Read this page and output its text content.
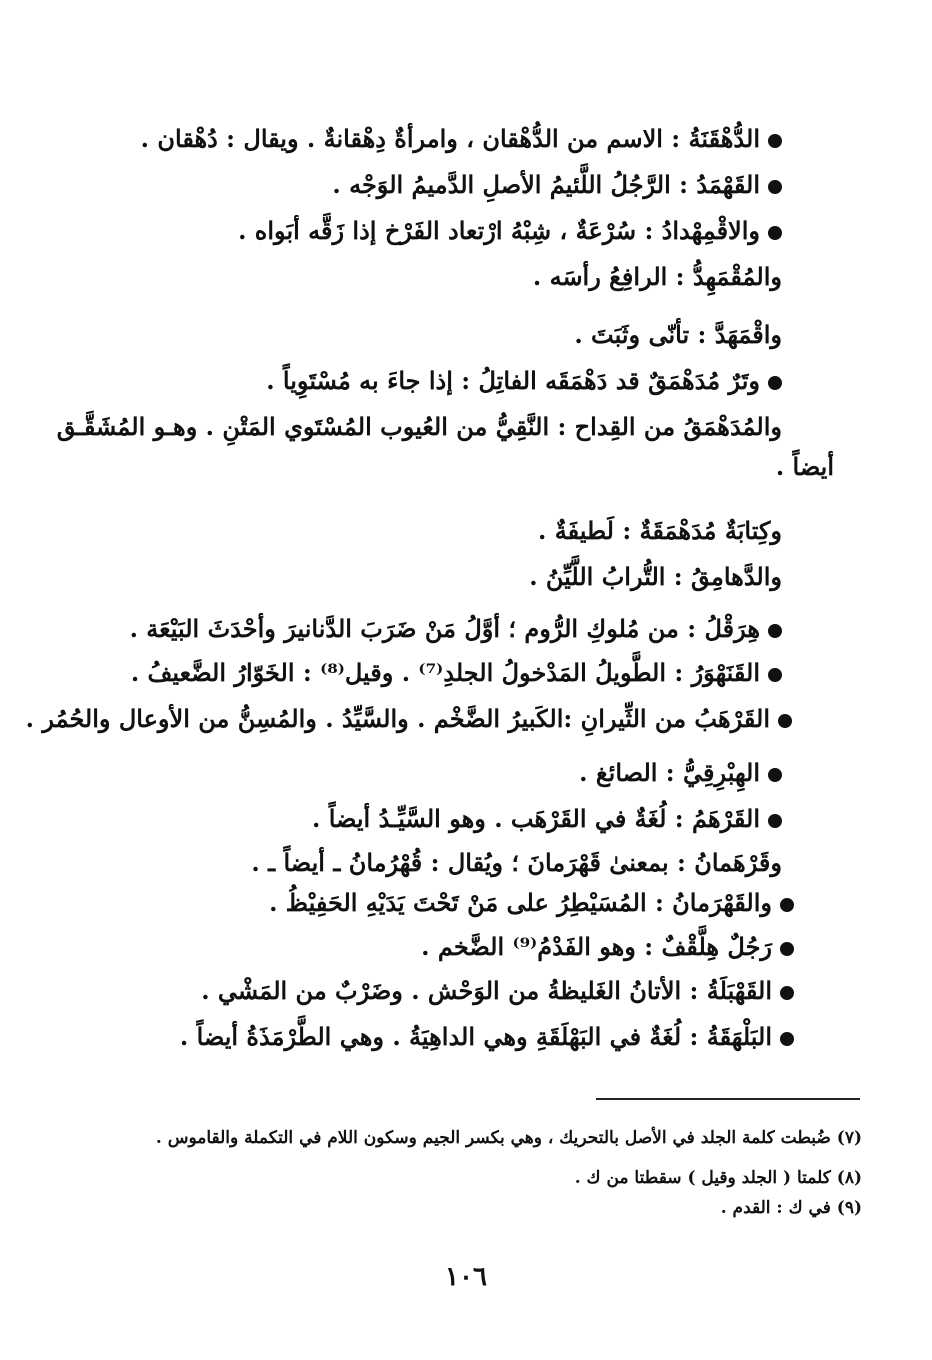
الدُّهْقَنَةُ : الاسم من الدُّهْقان ، وامرأةٌ دِهْقانةٌ . ويقال : دُهْقان .
القَهْمَدُ : الرَّجُلُ اللَّئيمُ الأصلِ الدَّميمُ الوَجْه .
والاقْمِهْدادُ : سُرْعَةٌ ، شِبْهُ ارْتعاد الفَرْخ إذا زَقَّه أبَواه .
والمُقْمَهِدُّ : الرافِعُ رأسَه .
واقْمَهَدَّ : تأنّى وثَبَتَ .
وتَرٌ مُدَهْمَقٌ قد دَهْمَقَه الفاتِلُ : إذا جاءَ به مُسْتَوِياً .
والمُدَهْمَقُ من القِداح : النَّقِيُّ من العُيوب المُسْتَوي المَتْنِ . وهـو المُشَقَّـق
أيضاً .
وكِتابَةٌ مُدَهْمَقَةٌ : لَطيفَةٌ .
والدَّهامِقُ : التُّرابُ اللَّيِّنُ .
هِرَقْلُ : من مُلوكِ الرُّوم ؛ أوَّلُ مَنْ ضَرَبَ الدَّنانيرَ وأحْدَثَ البَيْعَة .
القَنَهْوَرُ : الطَّويلُ المَدْخولُ الجلدِ⁽⁷⁾ . وقيل⁽⁸⁾ : الخَوّارُ الضَّعيفُ .
القَرْهَبُ من الثِّيرانِ :الكَبيرُ الضَّخْم . والسَّيِّدُ . والمُسِنُّ من الأوعال والحُمُر .
الهِبْرِقِيُّ : الصائغ .
القَرْهَمُ : لُغَةٌ في القَرْهَب . وهو السَّيِّـدُ أيضاً .
وقَرْهَمانُ : بمعنىٰ قَهْرَمانَ ؛ ويُقال : قُهْرُمانُ ـ أيضاً ـ .
والقَهْرَمانُ : المُسَيْطِرُ على مَنْ تَحْتَ يَدَيْهِ الحَفِيْظُ .
رَجُلٌ هِلَّقْفٌ : وهو الفَدْمُ⁽⁹⁾ الضَّخم .
القَهْبَلَةُ : الأتانُ الغَليظةُ من الوَحْش . وضَرْبٌ من المَشْي .
البَلْهَقَةُ : لُغَةٌ في البَهْلَقَةِ وهي الداهِيَةُ . وهي الطَّرْمَذَةُ أيضاً .
(٧) ضُبطت كلمة الجلد في الأصل بالتحريك ، وهي بكسر الجيم وسكون اللام في التكملة والقاموس .
(٨) كلمتا ( الجلد وقيل ) سقطتا من ك .
(٩) في ك : القدم .
١٠٦
